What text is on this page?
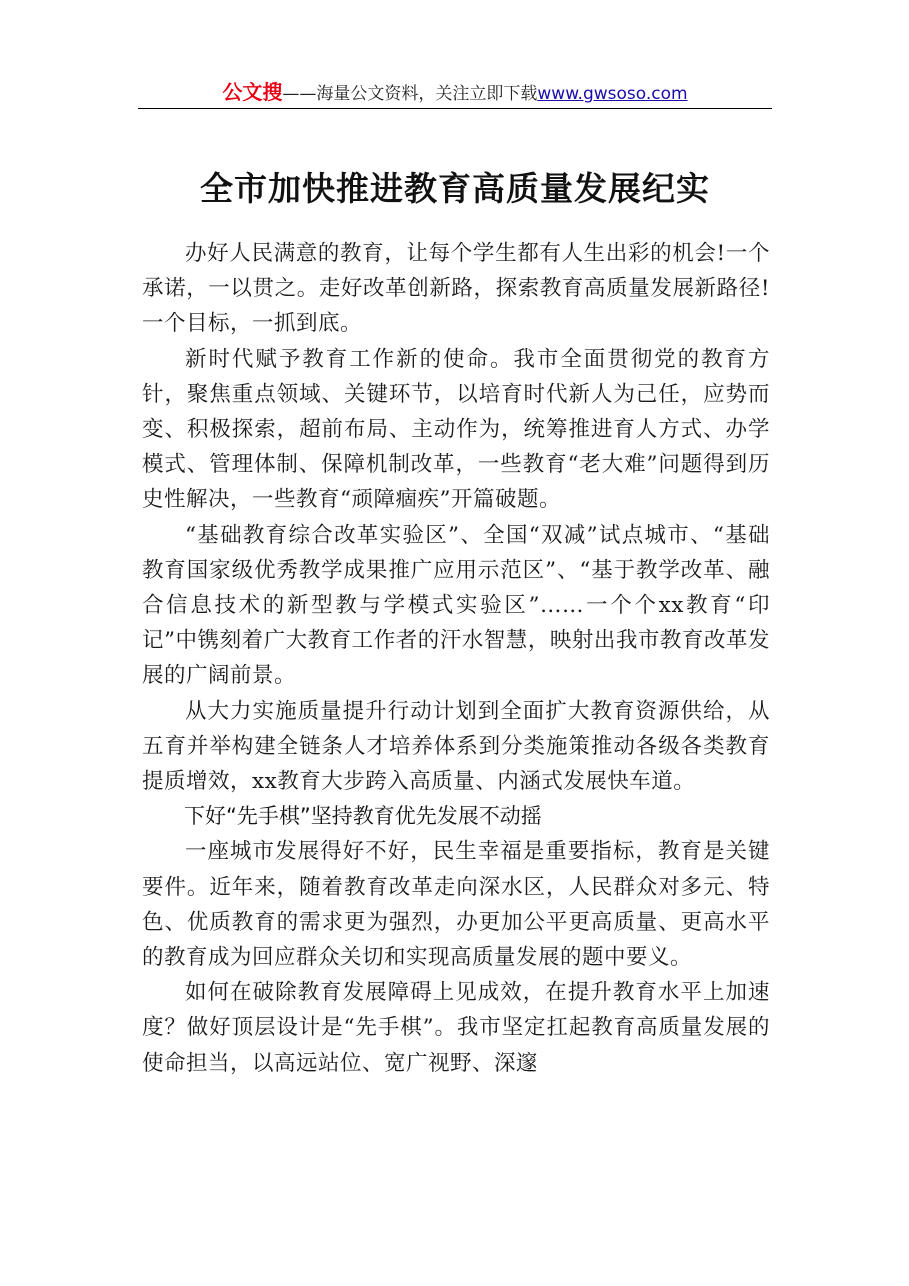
公文搜——海量公文资料，关注立即下载www.gwsoso.com
全市加快推进教育高质量发展纪实

办好人民满意的教育，让每个学生都有人生出彩的机会!一个承诺，一以贯之。走好改革创新路，探索教育高质量发展新路径!一个目标，一抓到底。

新时代赋予教育工作新的使命。我市全面贯彻党的教育方针，聚焦重点领域、关键环节，以培育时代新人为己任，应势而变、积极探索，超前布局、主动作为，统筹推进育人方式、办学模式、管理体制、保障机制改革，一些教育“老大难”问题得到历史性解决，一些教育“顽障痼疾”开篇破题。

“基础教育综合改革实验区”、全国“双减”试点城市、“基础教育国家级优秀教学成果推广应用示范区”、“基于教学改革、融合信息技术的新型教与学模式实验区”……一个个xx教育“印记”中镌刻着广大教育工作者的汗水智慧，映射出我市教育改革发展的广阔前景。

从大力实施质量提升行动计划到全面扩大教育资源供给，从五育并举构建全链条人才培养体系到分类施策推动各级各类教育提质增效，xx教育大步跨入高质量、内涵式发展快车道。

下好“先手棋”坚持教育优先发展不动摇

一座城市发展得好不好，民生幸福是重要指标，教育是关键要件。近年来，随着教育改革走向深水区，人民群众对多元、特色、优质教育的需求更为强烈，办更加公平更高质量、更高水平的教育成为回应群众关切和实现高质量发展的题中要义。

如何在破除教育发展障碍上见成效，在提升教育水平上加速度？做好顶层设计是“先手棋”。我市坚定扛起教育高质量发展的使命担当，以高远站位、宽广视野、深邃
